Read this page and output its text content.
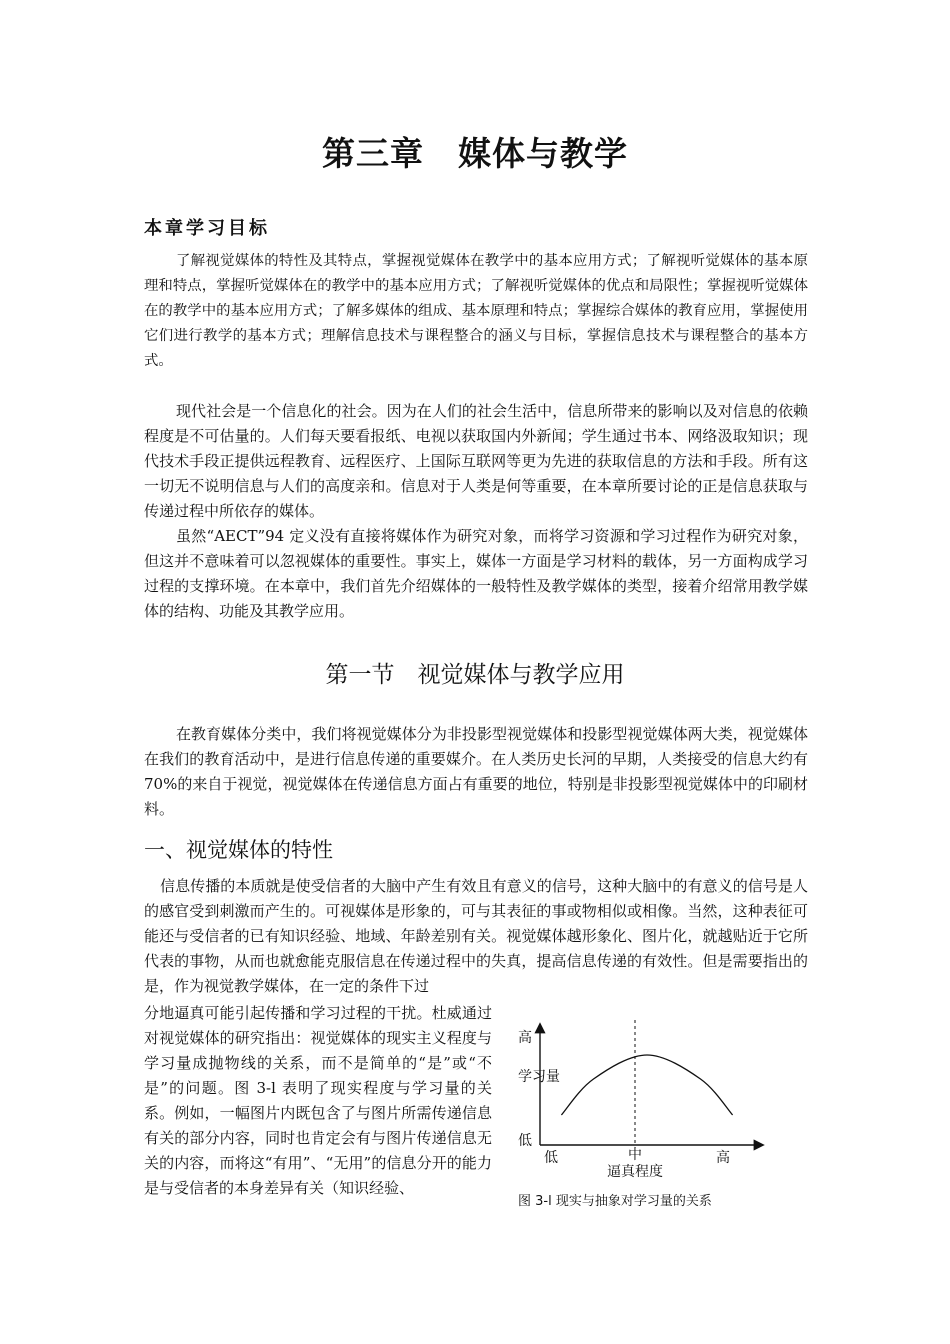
第三章　媒体与教学
本章学习目标

了解视觉媒体的特性及其特点，掌握视觉媒体在教学中的基本应用方式；了解视听觉媒体的基本原理和特点，掌握听觉媒体在的教学中的基本应用方式；了解视听觉媒体的优点和局限性；掌握视听觉媒体在的教学中的基本应用方式；了解多媒体的组成、基本原理和特点；掌握综合媒体的教育应用，掌握使用它们进行教学的基本方式；理解信息技术与课程整合的涵义与目标，掌握信息技术与课程整合的基本方式。

现代社会是一个信息化的社会。因为在人们的社会生活中，信息所带来的影响以及对信息的依赖程度是不可估量的。人们每天要看报纸、电视以获取国内外新闻；学生通过书本、网络汲取知识；现代技术手段正提供远程教育、远程医疗、上国际互联网等更为先进的获取信息的方法和手段。所有这一切无不说明信息与人们的高度亲和。信息对于人类是何等重要，在本章所要讨论的正是信息获取与传递过程中所依存的媒体。

虽然“AECT”94 定义没有直接将媒体作为研究对象，而将学习资源和学习过程作为研究对象，但这并不意味着可以忽视媒体的重要性。事实上，媒体一方面是学习材料的载体，另一方面构成学习过程的支撑环境。在本章中，我们首先介绍媒体的一般特性及教学媒体的类型，接着介绍常用教学媒体的结构、功能及其教学应用。

第一节　视觉媒体与教学应用

在教育媒体分类中，我们将视觉媒体分为非投影型视觉媒体和投影型视觉媒体两大类，视觉媒体在我们的教育活动中，是进行信息传递的重要媒介。在人类历史长河的早期，人类接受的信息大约有 70%的来自于视觉，视觉媒体在传递信息方面占有重要的地位，特别是非投影型视觉媒体中的印刷材料。

一、视觉媒体的特性

信息传播的本质就是使受信者的大脑中产生有效且有意义的信号，这种大脑中的有意义的信号是人的感官受到刺激而产生的。可视媒体是形象的，可与其表征的事或物相似或相像。当然，这种表征可能还与受信者的已有知识经验、地域、年龄差别有关。视觉媒体越形象化、图片化，就越贴近于它所代表的事物，从而也就愈能克服信息在传递过程中的失真，提高信息传递的有效性。但是需要指出的是，作为视觉教学媒体，在一定的条件下过

分地逼真可能引起传播和学习过程的干扰。杜威通过对视觉媒体的研究指出：视觉媒体的现实主义程度与学习量成抛物线的关系，而不是简单的“是”或“不是”的问题。图 3-l 表明了现实程度与学习量的关系。例如，一幅图片内既包含了与图片所需传递信息有关的部分内容，同时也肯定会有与图片传递信息无关的内容，而将这“有用”、“无用”的信息分开的能力是与受信者的本身差异有关（知识经验、

高
学习量
低
低	中	高
逼真程度
图 3-l 现实与抽象对学习量的关系
